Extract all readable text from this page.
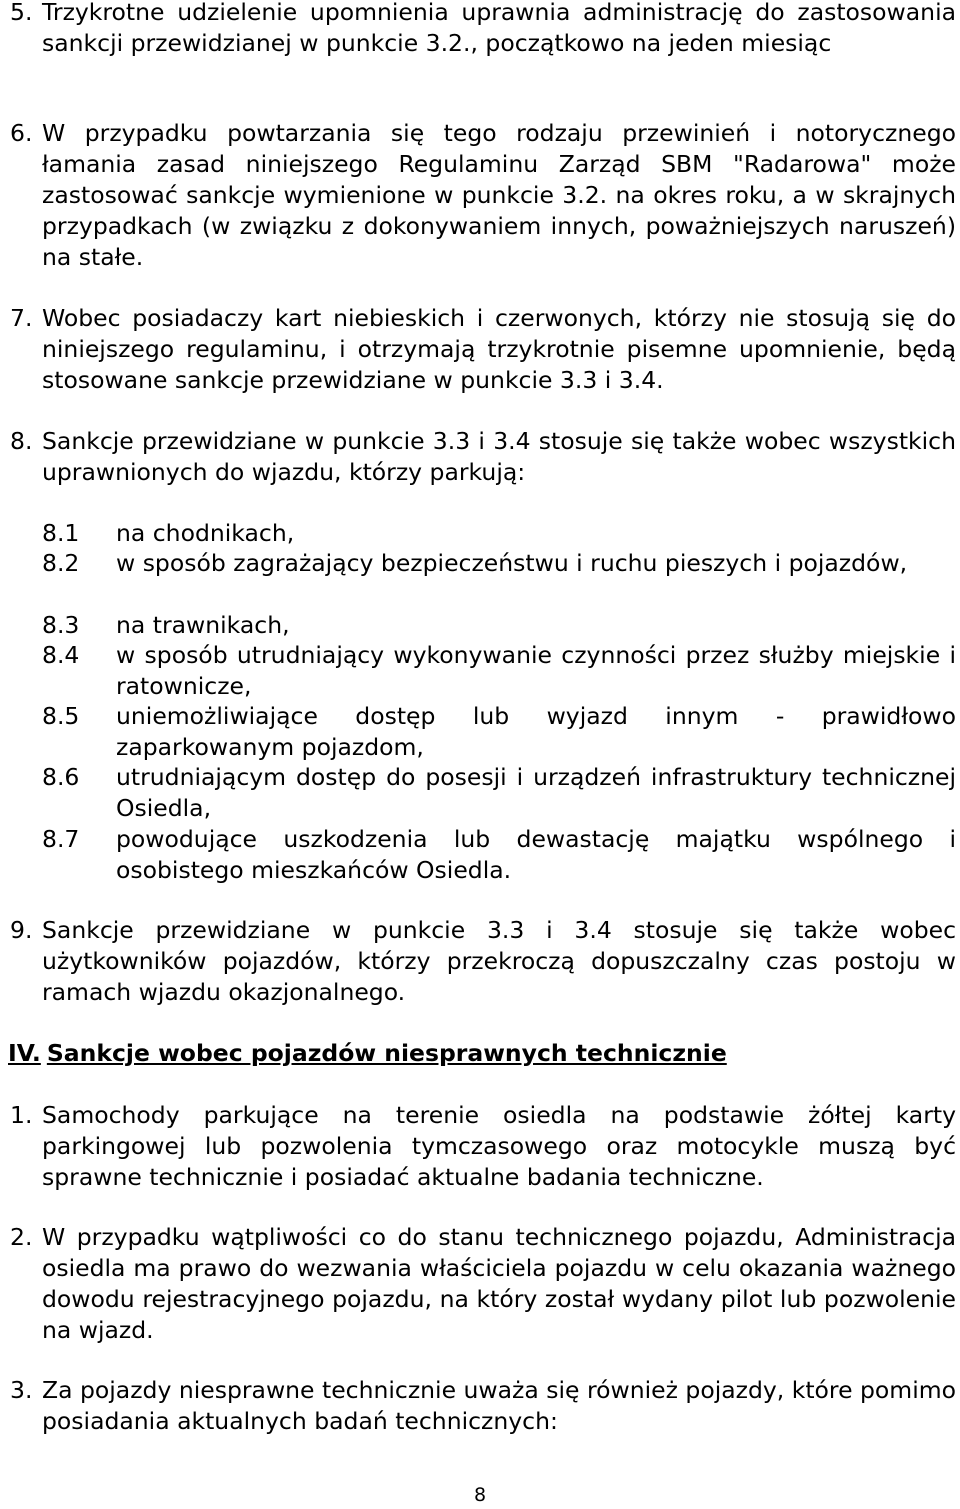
5. Trzykrotne udzielenie upomnienia uprawnia administrację do zastosowania sankcji przewidzianej w punkcie 3.2., początkowo na jeden miesiąc
6. W przypadku powtarzania się tego rodzaju przewinień i notorycznego łamania zasad niniejszego Regulaminu Zarząd SBM "Radarowa" może zastosować sankcje wymienione w punkcie 3.2. na okres roku, a w skrajnych przypadkach (w związku z dokonywaniem innych, poważniejszych naruszeń) na stałe.
7. Wobec posiadaczy kart niebieskich i czerwonych, którzy nie stosują się do niniejszego regulaminu, i otrzymają trzykrotnie pisemne upomnienie, będą stosowane sankcje przewidziane w punkcie 3.3 i 3.4.
8. Sankcje przewidziane w punkcie 3.3 i 3.4 stosuje się także wobec wszystkich uprawnionych do wjazdu, którzy parkują:
8.1	na chodnikach,
8.2	w sposób zagrażający bezpieczeństwu i ruchu pieszych i pojazdów,
8.3	na trawnikach,
8.4	w sposób utrudniający wykonywanie czynności przez służby miejskie i ratownicze,
8.5	uniemożliwiające dostęp lub wyjazd innym - prawidłowo zaparkowanym pojazdom,
8.6	utrudniającym dostęp do posesji i urządzeń infrastruktury technicznej Osiedla,
8.7	powodujące uszkodzenia lub dewastację majątku wspólnego i osobistego mieszkańców Osiedla.
9. Sankcje przewidziane w punkcie 3.3 i 3.4 stosuje się także wobec użytkowników pojazdów, którzy przekroczą dopuszczalny czas postoju w ramach wjazdu okazjonalnego.
IV. Sankcje wobec pojazdów niesprawnych technicznie
1. Samochody parkujące na terenie osiedla na podstawie żółtej karty parkingowej lub pozwolenia tymczasowego oraz motocykle muszą być sprawne technicznie i posiadać aktualne badania techniczne.
2. W przypadku wątpliwości co do stanu technicznego pojazdu, Administracja osiedla ma prawo do wezwania właściciela pojazdu w celu okazania ważnego dowodu rejestracyjnego pojazdu, na który został wydany pilot lub pozwolenie na wjazd.
3. Za pojazdy niesprawne technicznie uważa się również pojazdy, które pomimo posiadania aktualnych badań technicznych:
8
